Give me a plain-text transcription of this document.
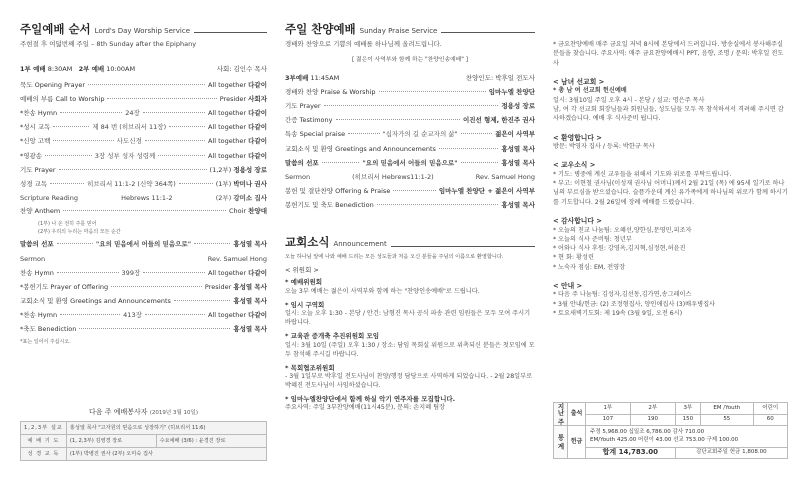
주일예배 순서 Lord's Day Worship Service
주현절 후 여덟번째 주일 – 8th Sunday after the Epiphany
1부 예배
8:30AM
2부 예배
10:00AM	사회: 김인수 목사
묵도 Opening Prayer	All together 다같이
예배의 부름 Call to Worship	Presider 사회자
*찬송 Hymn	24장	All together 다같이
*성시 교독	제 84 번 (히브리서 11장)	All together 다같이
*신앙 고백	사도신경	All together 다같이
*영광송	3장 성부 성자 성령께	All together 다같이
기도 Prayer	(1,2부) 정용성 장로
성경 교독	히브리서 11:1-2 (신약 364쪽)	(1부) 박미나 권사
Scripture Reading	Hebrews 11:1-2	(2부) 강미소 집사
찬양 Anthem	Choir 찬양대
(1부) 나 온 전히 주를 믿어
(2부) 우리의 누리는 마음의 모든 순간
말씀의 선포	"요의 믿음에서 어들의 믿음으로"	홍성열 목사
Sermon	Rev. Samuel Hong
찬송 Hymn	399장	All together 다같이
*봉헌기도 Prayer of Offering	Presider 홍성열 목사
교회소식 및 환영 Greetings and Announcements	홍성열 목사
*찬송 Hymn	413장	All together 다같이
*축도 Benediction	홍성열 목사
*표는 일어서 주십시오.
다음 주 예배봉사자 (2019년 3월 10일)
1,2,3부 설교	홍성열 목사 "고자원의 믿음으로 성장하기" (히브리서 11:6)	
예 배 기 도	(1, 2,3부) 김영경 장로	수요예배 (3/6) : 윤경진 장로
성 경 교 독	(1부) 박병진 권사 (2부) 오미숙 집사	
주일 찬양예배 Sunday Praise Service
경배와 찬양으로 기쁨의 예배를 하나님께 올려드립니다.
[ 젊은이 사역부와 함께 하는 "찬양인송예배" ]
3부예배
11:45AM	찬양인도: 박후일 전도사
경배와 찬양 Praise & Worship	임마누엘 찬양단
기도 Prayer	정용성 장로
간증 Testimony	이진선 형제, 한진주 권사
특송 Special praise	"십자가의 길 순교자의 삶"	젊은이 사역부
교회소식 및 환영 Greetings and Announcements	홍성열 목사
말씀의 선포	"요의 믿음에서 어들의 믿음으로"	홍성열 목사
Sermon	(히브리서 Hebrews11:1-2)	Rev. Samuel Hong
봉헌 및 결단찬양 Offering & Praise	임마누엘 찬양단 + 젊은이 사역부
봉헌기도 및 축도 Benediction	홍성열 목사
교회소식 Announcement
오늘 하나님 앞에 나와 예배 드리는 모든 성도들과 처음 오신 분들을 주님의 이름으로 환영합니다.
< 위원회 >
* 예배위원회
오늘 3부 예배는 젊은이 사역부와 함께 하는 "찬양인송예배"로 드립니다.
* 임시 구역회
일시: 오늘 오후 1:30 - 본당 / 안건: 남형진 목사 공식 파송 관련 임원들은 모두 모여 주시기 바랍니다.
* 교육관 증개축 추진위원회 모임
일시: 3월 10일 (주일) 오후 1:30 / 장소: 담임 목회실 위원으로 위촉되신 분들은 첫모임에 모두 참석해 주시길 바랍니다.
* 목회협조위원회
- 3월 1일부로 박후일 전도사님이 찬양/행정 담당으로 사역하게 되었습니다. - 2월 28일부로 박혜진 전도사님이 사임하셨습니다.
* 임마누엘찬양단에서 함께 하실 악기 연주자를 모집합니다.
주요사역: 주일 3부찬양예배(11시45분), 문의: 손지혜 팀장
* 금요찬양예배 매주 금요일 저녁 8시에 본당에서 드려집니다. 방송실에서 봉사해주실 분들을 찾습니다. 주요사역: 매주 금요찬양예배시 PPT, 음향, 조명 / 문의: 박후일 전도사
< 남녀 선교회 >
* 총 남 여 선교회 헌신예배
일시: 3월10일 주일 오후 4시 - 본당 / 설교: 명은주 목사
남, 여 각 선교회 회장님들과 회원님들, 성도님들 모두 꼭 참석하셔서 격려해 주시면 감사하겠습니다. 예배 후 식사준비 됩니다.
< 환영합니다 >
방문: 박영자 집사 / 등록: 박한규 목사
< 교우소식 >
* 기도: 병중에 계신 교우들을 위해서 기도와 위로를 부탁드립니다.
* 부고: 이현철 권사님(이성재 권사님 어머니)께서 2월 21일 (목) 에 95세 일기로 하나님의 부르심을 받으셨습니다. 슬픔가운데 계신 유가족에게 하나님의 위로가 함께 하시기를 기도합니다. 2월 26일에 장례 예배를 드렸습니다.
< 감사합니다 >
* 오늘의 친교 나눔팀: 오혜선,양한심,문영민,피조자
* 오늘의 식사 준비팀: 청년부
* 어와나 식사 후원: 강영옥,김지혁,심정현,허윤진
* 현 화: 황성린
* 노숙자 점심: EM, 전영장
< 안내 >
* 다음 주 나눔팀: 김성자,김선동,김가연,송그레이스
* 3월 안내/헌금: (2) 조정형집사, 양인애집사 (3)배우병집사
* 토요새벽기도회: 제 19속 (3월 9일, 오전 6시)
지난 주	출석	1부	2부	3부	EM /Youth	어린이
		107	190	150	55	60
통 계	헌금	주정 5,968.00 십일조 6,786.00 감사 710.00
EM/Youth 425.00 어린이 43.00 선교 753.00 구제 100.00				

		합계 14,783.00		감단교회주일 헌금 1,808.00		
